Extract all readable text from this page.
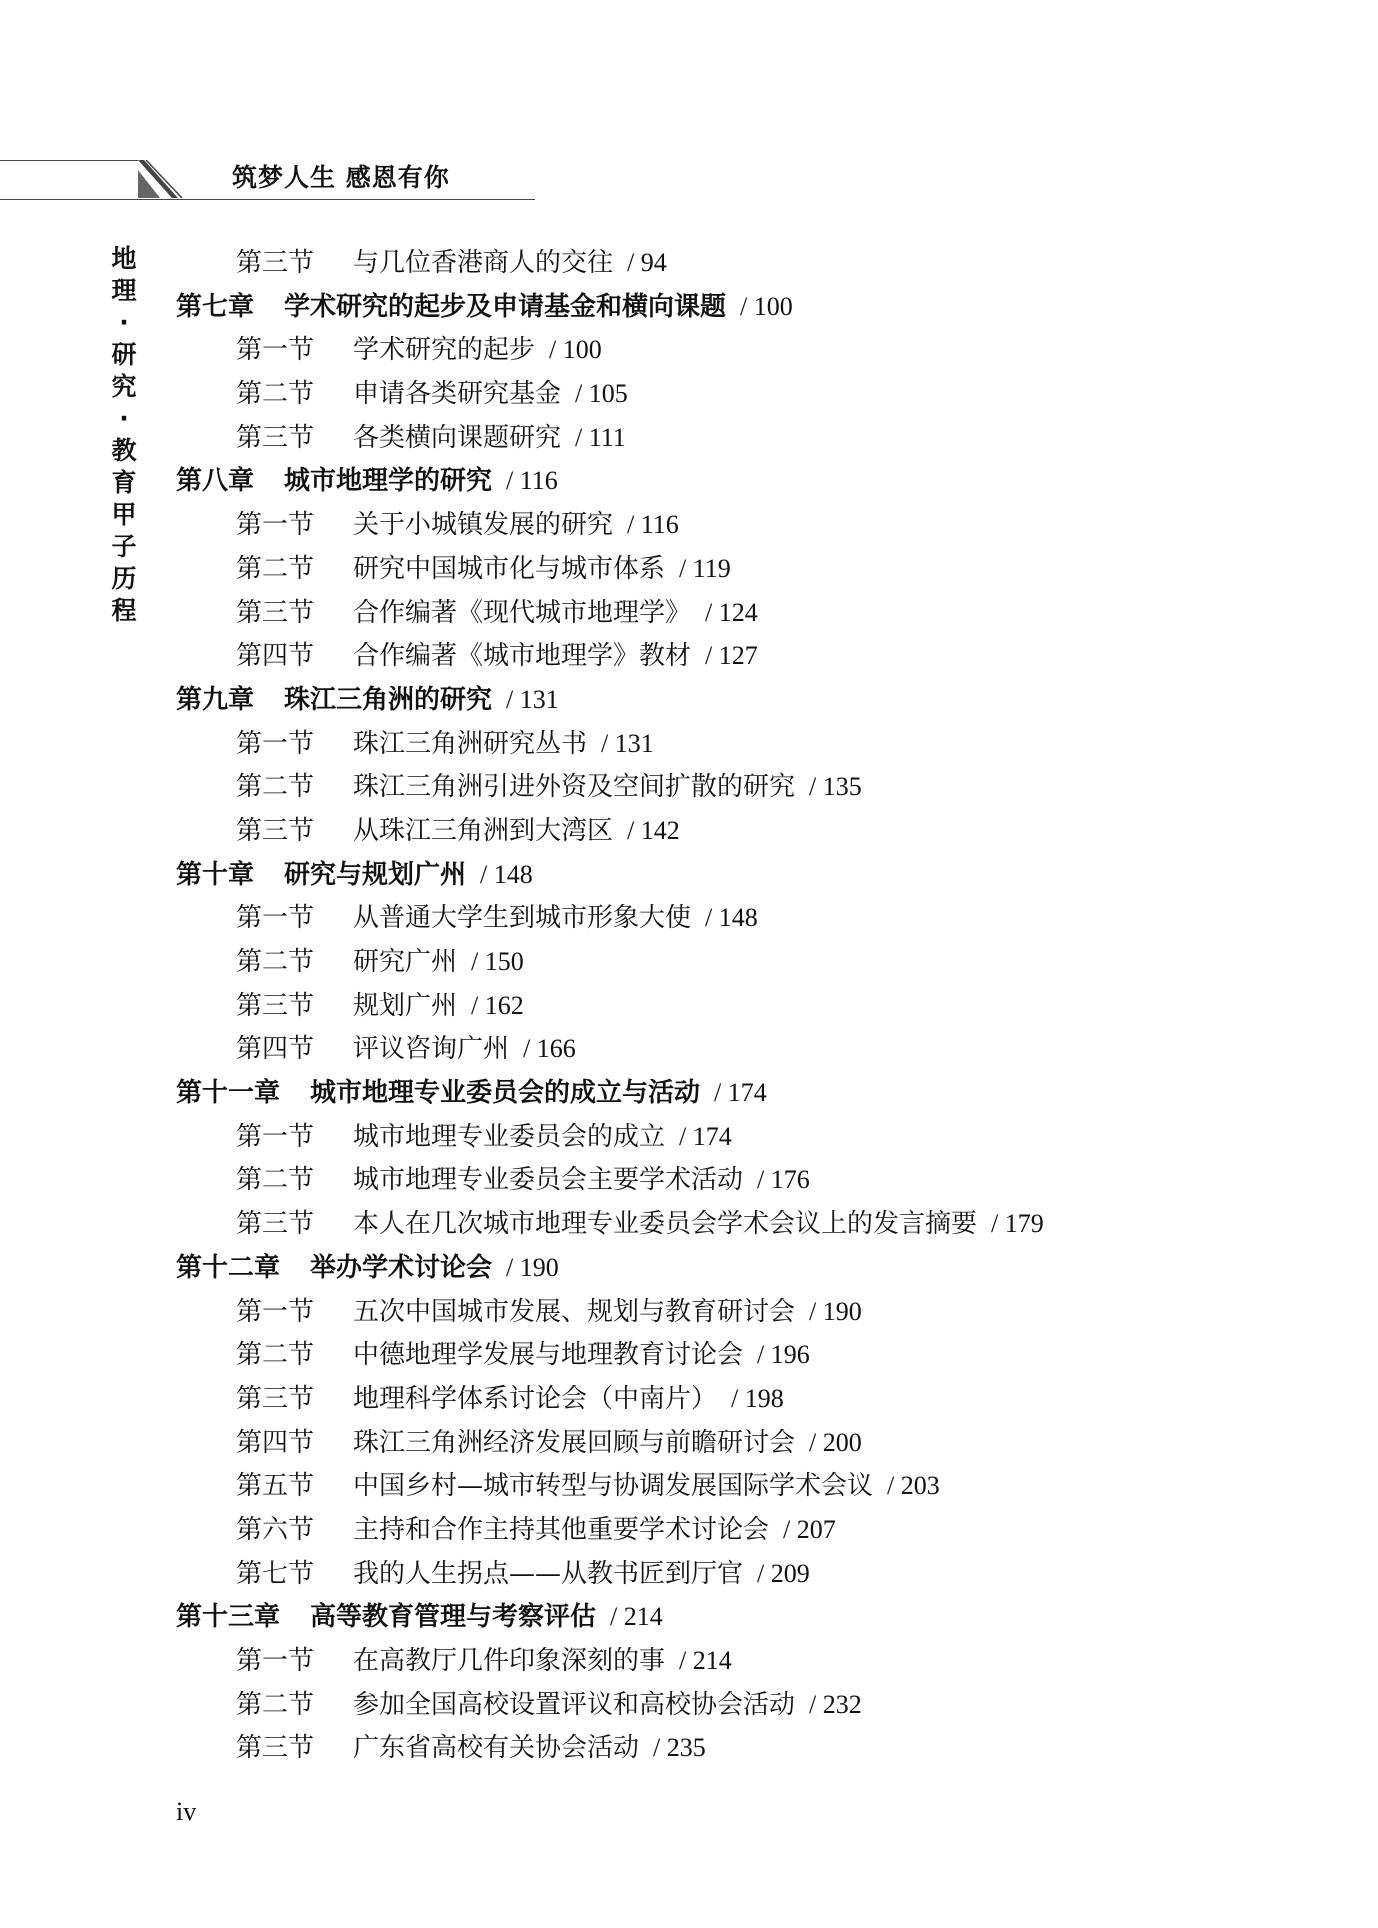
筑梦人生 感恩有你
地
理
·
研
究
·
教
育
甲
子
历
程
第三节 与几位香港商人的交往 / 94
第七章 学术研究的起步及申请基金和横向课题 / 100
第一节 学术研究的起步 / 100
第二节 申请各类研究基金 / 105
第三节 各类横向课题研究 / 111
第八章 城市地理学的研究 / 116
第一节 关于小城镇发展的研究 / 116
第二节 研究中国城市化与城市体系 / 119
第三节 合作编著《现代城市地理学》 / 124
第四节 合作编著《城市地理学》教材 / 127
第九章 珠江三角洲的研究 / 131
第一节 珠江三角洲研究丛书 / 131
第二节 珠江三角洲引进外资及空间扩散的研究 / 135
第三节 从珠江三角洲到大湾区 / 142
第十章 研究与规划广州 / 148
第一节 从普通大学生到城市形象大使 / 148
第二节 研究广州 / 150
第三节 规划广州 / 162
第四节 评议咨询广州 / 166
第十一章 城市地理专业委员会的成立与活动 / 174
第一节 城市地理专业委员会的成立 / 174
第二节 城市地理专业委员会主要学术活动 / 176
第三节 本人在几次城市地理专业委员会学术会议上的发言摘要 / 179
第十二章 举办学术讨论会 / 190
第一节 五次中国城市发展、规划与教育研讨会 / 190
第二节 中德地理学发展与地理教育讨论会 / 196
第三节 地理科学体系讨论会（中南片） / 198
第四节 珠江三角洲经济发展回顾与前瞻研讨会 / 200
第五节 中国乡村—城市转型与协调发展国际学术会议 / 203
第六节 主持和合作主持其他重要学术讨论会 / 207
第七节 我的人生拐点——从教书匠到厅官 / 209
第十三章 高等教育管理与考察评估 / 214
第一节 在高教厅几件印象深刻的事 / 214
第二节 参加全国高校设置评议和高校协会活动 / 232
第三节 广东省高校有关协会活动 / 235
iv
